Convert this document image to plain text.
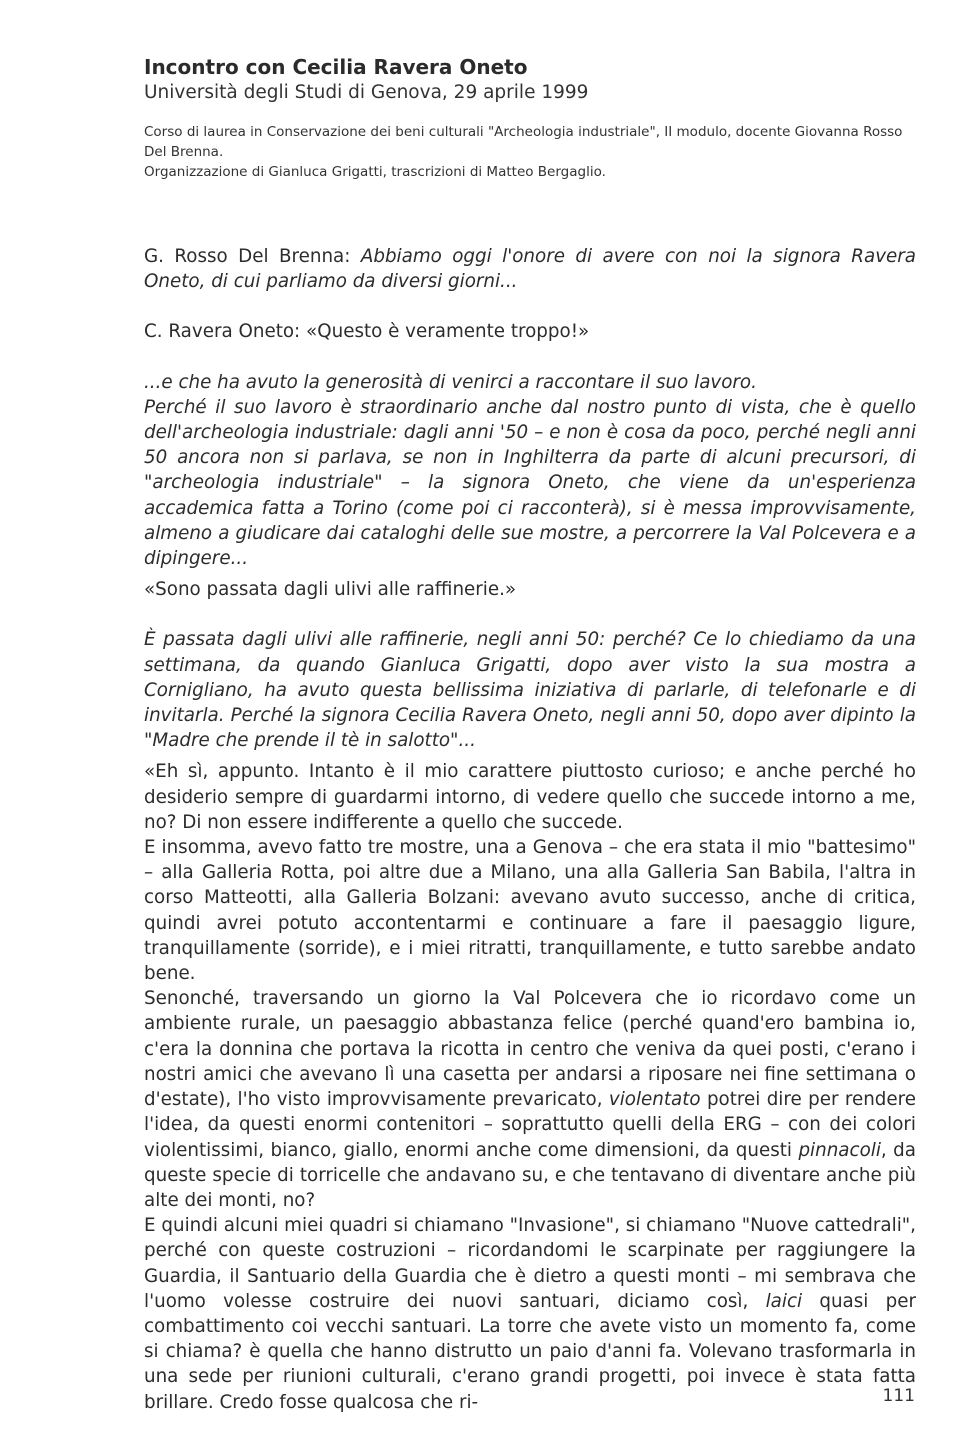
Incontro con Cecilia Ravera Oneto

Università degli Studi di Genova, 29 aprile 1999

Corso di laurea in Conservazione dei beni culturali "Archeologia industriale", II modulo, docente Giovanna Rosso Del Brenna.

Organizzazione di Gianluca Grigatti, trascrizioni di Matteo Bergaglio.

G. Rosso Del Brenna: Abbiamo oggi l'onore di avere con noi la signora Ravera Oneto, di cui parliamo da diversi giorni...

C. Ravera Oneto: «Questo è veramente troppo!»

...e che ha avuto la generosità di venirci a raccontare il suo lavoro.

Perché il suo lavoro è straordinario anche dal nostro punto di vista, che è quello dell'archeologia industriale: dagli anni '50 – e non è cosa da poco, perché negli anni 50 ancora non si parlava, se non in Inghilterra da parte di alcuni precursori, di "archeologia industriale" – la signora Oneto, che viene da un'esperienza accademica fatta a Torino (come poi ci racconterà), si è messa improvvisamente, almeno a giudicare dai cataloghi delle sue mostre, a percorrere la Val Polcevera e a dipingere...

«Sono passata dagli ulivi alle raffinerie.»

È passata dagli ulivi alle raffinerie, negli anni 50: perché? Ce lo chiediamo da una settimana, da quando Gianluca Grigatti, dopo aver visto la sua mostra a Cornigliano, ha avuto questa bellissima iniziativa di parlarle, di telefonarle e di invitarla. Perché la signora Cecilia Ravera Oneto, negli anni 50, dopo aver dipinto la "Madre che prende il tè in salotto"...

«Eh sì, appunto. Intanto è il mio carattere piuttosto curioso; e anche perché ho desiderio sempre di guardarmi intorno, di vedere quello che succede intorno a me, no? Di non essere indifferente a quello che succede.

E insomma, avevo fatto tre mostre, una a Genova – che era stata il mio "battesimo" – alla Galleria Rotta, poi altre due a Milano, una alla Galleria San Babila, l'altra in corso Matteotti, alla Galleria Bolzani: avevano avuto successo, anche di critica, quindi avrei potuto accontentarmi e continuare a fare il paesaggio ligure, tranquillamente (sorride), e i miei ritratti, tranquillamente, e tutto sarebbe andato bene.

Senonché, traversando un giorno la Val Polcevera che io ricordavo come un ambiente rurale, un paesaggio abbastanza felice (perché quand'ero bambina io, c'era la donnina che portava la ricotta in centro che veniva da quei posti, c'erano i nostri amici che avevano lì una casetta per andarsi a riposare nei fine settimana o d'estate), l'ho visto improvvisamente prevaricato, violentato potrei dire per rendere l'idea, da questi enormi contenitori – soprattutto quelli della ERG – con dei colori violentissimi, bianco, giallo, enormi anche come dimensioni, da questi pinnacoli, da queste specie di torricelle che andavano su, e che tentavano di diventare anche più alte dei monti, no?

E quindi alcuni miei quadri si chiamano "Invasione", si chiamano "Nuove cattedrali", perché con queste costruzioni – ricordandomi le scarpinate per raggiungere la Guardia, il Santuario della Guardia che è dietro a questi monti – mi sembrava che l'uomo volesse costruire dei nuovi santuari, diciamo così, laici quasi per combattimento coi vecchi santuari. La torre che avete visto un momento fa, come si chiama? è quella che hanno distrutto un paio d'anni fa. Volevano trasformarla in una sede per riunioni culturali, c'erano grandi progetti, poi invece è stata fatta brillare. Credo fosse qualcosa che ri-	111
